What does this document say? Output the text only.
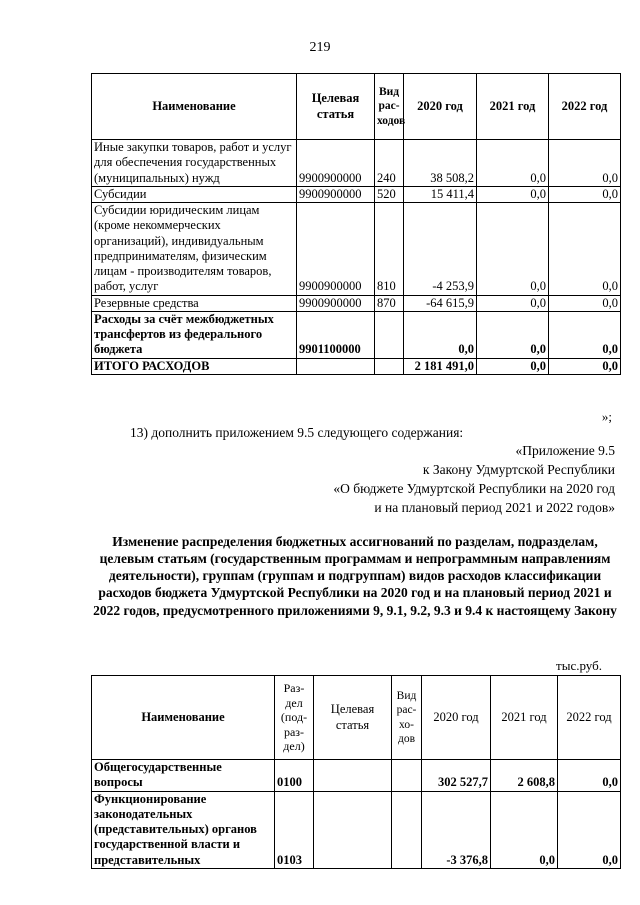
219
Наименование	Целевая статья	Вид рас-ходов	2020 год	2021 год	2022 год
Иные закупки товаров, работ и услуг для обеспечения государственных (муниципальных) нужд	9900900000	240	38 508,2	0,0	0,0
Субсидии	9900900000	520	15 411,4	0,0	0,0
Субсидии юридическим лицам (кроме некоммерческих организаций), индивидуальным предпринимателям, физическим лицам - производителям товаров, работ, услуг	9900900000	810	-4 253,9	0,0	0,0
Резервные средства	9900900000	870	-64 615,9	0,0	0,0
Расходы за счёт межбюджетных трансфертов из федерального бюджета	9901100000		0,0	0,0	0,0
ИТОГО РАСХОДОВ			2 181 491,0	0,0	0,0
»;
13) дополнить приложением 9.5 следующего содержания:
«Приложение 9.5
к Закону Удмуртской Республики
«О бюджете Удмуртской Республики на 2020 год
и на плановый период 2021 и 2022 годов»
Изменение распределения бюджетных ассигнований по разделам, подразделам, целевым статьям (государственным программам и непрограммным направлениям деятельности), группам (группам и подгруппам) видов расходов классификации расходов бюджета Удмуртской Республики на 2020 год и на плановый период 2021 и 2022 годов, предусмотренного приложениями 9, 9.1, 9.2, 9.3 и 9.4 к настоящему Закону
тыс.руб.
Наименование	Раз-дел (под-раз-дел)	Целевая статья	Вид рас-хо-дов	2020 год	2021 год	2022 год
Общегосударственные вопросы	0100			302 527,7	2 608,8	0,0
Функционирование законодательных (представительных) органов государственной власти и представительных	0103			-3 376,8	0,0	0,0
